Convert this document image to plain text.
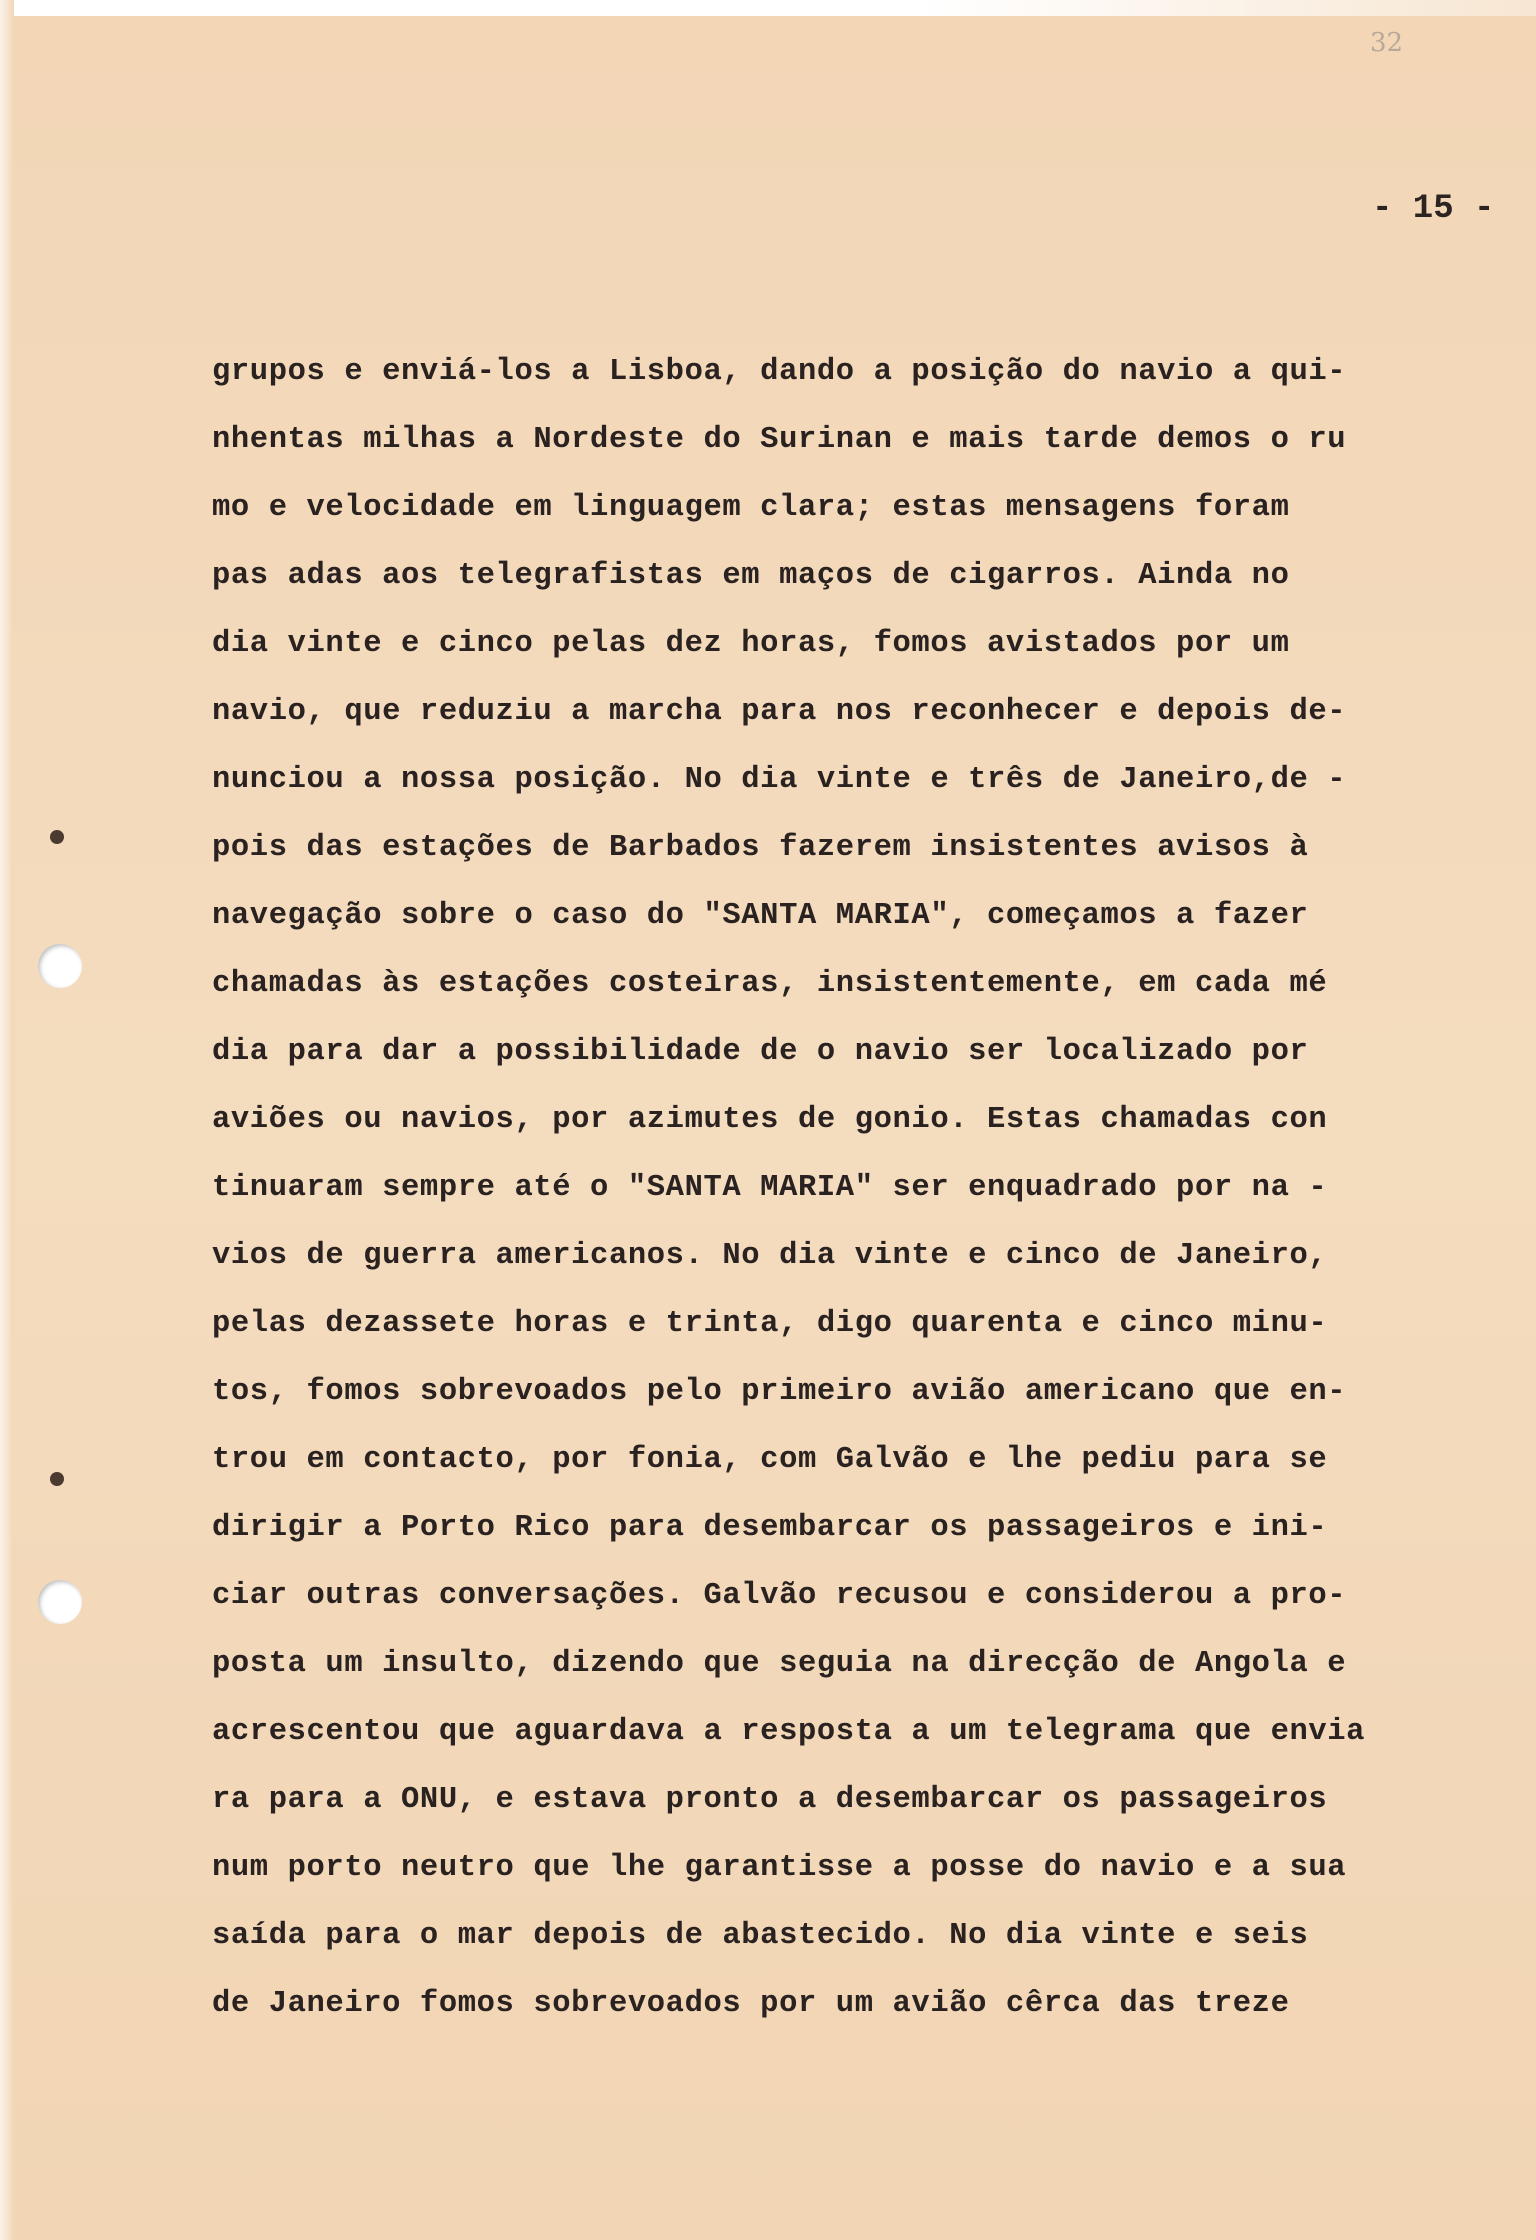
32
- 15 -
grupos e enviá-los a Lisboa, dando a posição do navio a qui-
nhentas milhas a Nordeste do Surinan e mais tarde demos o ru
mo e velocidade em linguagem clara; estas mensagens foram
pas adas aos telegrafistas em maços de cigarros. Ainda no
dia vinte e cinco pelas dez horas, fomos avistados por um
navio, que reduziu a marcha para nos reconhecer e depois de-
nunciou a nossa posição. No dia vinte e três de Janeiro,de -
pois das estações de Barbados fazerem insistentes avisos à
navegação sobre o caso do "SANTA MARIA", começamos a fazer
chamadas às estações costeiras, insistentemente, em cada mé
dia para dar a possibilidade de o navio ser localizado por
aviões ou navios, por azimutes de gonio. Estas chamadas con
tinuaram sempre até o "SANTA MARIA" ser enquadrado por na -
vios de guerra americanos. No dia vinte e cinco de Janeiro,
pelas dezassete horas e trinta, digo quarenta e cinco minu-
tos, fomos sobrevoados pelo primeiro avião americano que en-
trou em contacto, por fonia, com Galvão e lhe pediu para se
dirigir a Porto Rico para desembarcar os passageiros e ini-
ciar outras conversações. Galvão recusou e considerou a pro-
posta um insulto, dizendo que seguia na direcção de Angola e
acrescentou que aguardava a resposta a um telegrama que envia
ra para a ONU, e estava pronto a desembarcar os passageiros
num porto neutro que lhe garantisse a posse do navio e a sua
saída para o mar depois de abastecido. No dia vinte e seis
de Janeiro fomos sobrevoados por um avião cêrca das treze
